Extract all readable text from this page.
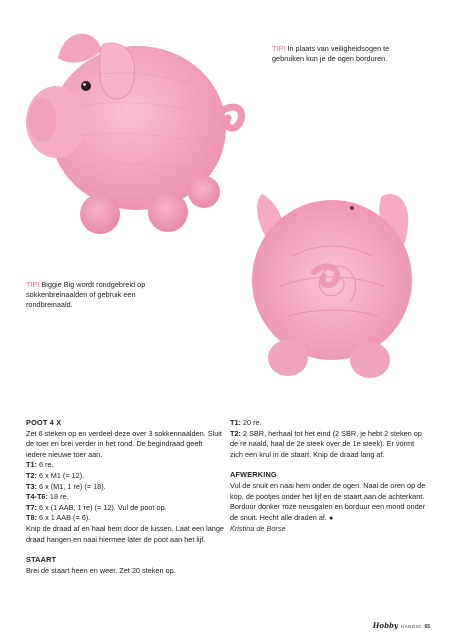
TIP! In plaats van veiligheidsogen te gebruiken kun je de ogen borduren.
TIP! Biggie Big wordt rondgebreid op sokkenbreinaalden of gebruik een rondbreinaald.

POOT 4 X

Zet 6 steken op en verdeel deze over 3 sokkennaalden. Sluit de toer en brei verder in het rond. De begindraad geeft iedere nieuwe toer aan.

T1: 6 re.

T2: 6 x M1 (= 12).

T3: 6 x (M1, 1 re) (= 18).

T4-T6: 18 re.

T7: 6 x (1 AAB, 1 re) (= 12). Vul de poot op.

T8: 6 x 1 AAB (= 6).

Knip de draad af en haal hem door de lussen. Laat een lange draad hangen en naai hiermee later de poot aan het lijf.

STAART

Brei de staart heen en weer. Zet 20 steken op.

T1: 20 re.

T2: 2 SBR, herhaal tot het eind (2 SBR, je hebt 2 steken op de re naald, haal de 2e steek over de 1e steek). Er vormt zich een krul in de staart. Knip de draad lang af.

AFWERKING

Vul de snuit en naai hem onder de ogen. Naai de oren op de kop, de pootjes onder het lijf en de staart aan de achterkant. Borduur donker roze neusgaten en borduur een mond onder de snuit. Hecht alle draden af. ●

Kristina de Borse

Hobby HANDIG 65
